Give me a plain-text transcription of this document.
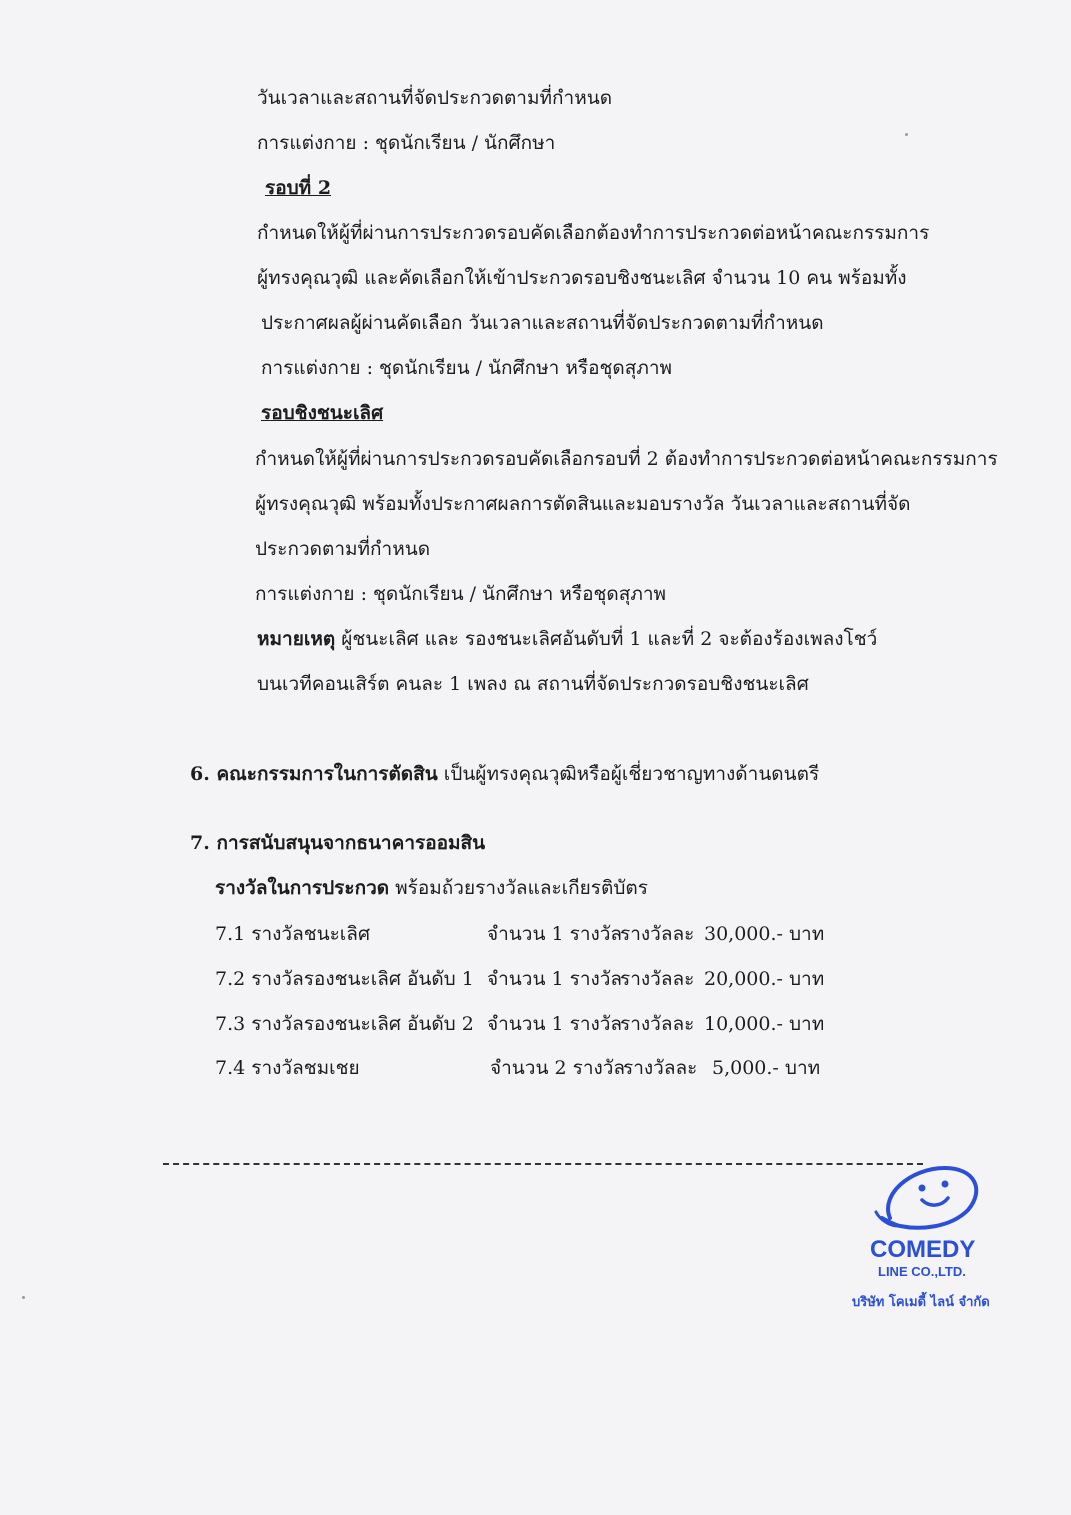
วันเวลาและสถานที่จัดประกวดตามที่กำหนด
การแต่งกาย : ชุดนักเรียน / นักศึกษา
รอบที่ 2
กำหนดให้ผู้ที่ผ่านการประกวดรอบคัดเลือกต้องทำการประกวดต่อหน้าคณะกรรมการ
ผู้ทรงคุณวุฒิ และคัดเลือกให้เข้าประกวดรอบชิงชนะเลิศ จำนวน 10 คน พร้อมทั้ง
ประกาศผลผู้ผ่านคัดเลือก วันเวลาและสถานที่จัดประกวดตามที่กำหนด
การแต่งกาย : ชุดนักเรียน / นักศึกษา หรือชุดสุภาพ
รอบชิงชนะเลิศ
กำหนดให้ผู้ที่ผ่านการประกวดรอบคัดเลือกรอบที่ 2 ต้องทำการประกวดต่อหน้าคณะกรรมการ
ผู้ทรงคุณวุฒิ พร้อมทั้งประกาศผลการตัดสินและมอบรางวัล วันเวลาและสถานที่จัด
ประกวดตามที่กำหนด
การแต่งกาย : ชุดนักเรียน / นักศึกษา หรือชุดสุภาพ
หมายเหตุ ผู้ชนะเลิศ และ รองชนะเลิศอันดับที่ 1 และที่ 2 จะต้องร้องเพลงโชว์
บนเวทีคอนเสิร์ต คนละ 1 เพลง ณ สถานที่จัดประกวดรอบชิงชนะเลิศ
6. คณะกรรมการในการตัดสิน เป็นผู้ทรงคุณวุฒิหรือผู้เชี่ยวชาญทางด้านดนตรี
7. การสนับสนุนจากธนาคารออมสิน
รางวัลในการประกวด พร้อมถ้วยรางวัลและเกียรติบัตร
7.1 รางวัลชนะเลิศ	จำนวน 1 รางวัล
รางวัลละ 30,000.- บาท
7.2 รางวัลรองชนะเลิศ อันดับ 1 จำนวน 1 รางวัล
รางวัลละ 20,000.- บาท
7.3 รางวัลรองชนะเลิศ อันดับ 2 จำนวน 1 รางวัล
รางวัลละ 10,000.- บาท
7.4 รางวัลชมเชย	จำนวน 2 รางวัล
รางวัลละ 5,000.- บาท
COMEDY
LINE CO.,LTD.
บริษัท โคเมดี้ ไลน์ จำกัด
